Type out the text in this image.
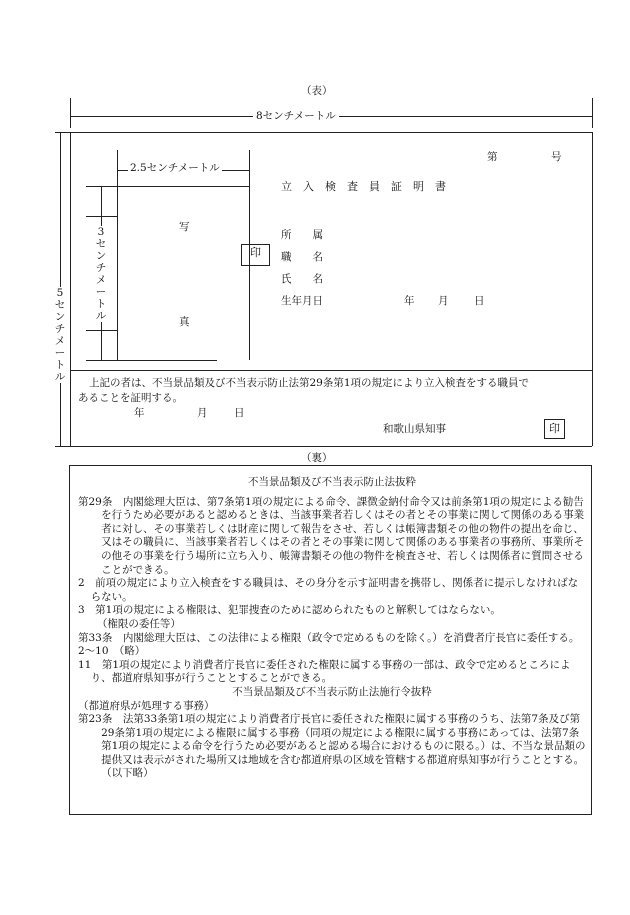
（表）
8センチメートル
5センチメートル
2.5センチメートル
3センチメートル
写
真
印
第	号
立　入　検　査　員　証　明　書
所　　属
職　　名
氏　　名
生年月日	年 月 日
上記の者は、不当景品類及び不当表示防止法第29条第1項の規定により立入検査をする職員で
あることを証明する。
年	月	日
和歌山県知事	印
（裏）

不当景品類及び不当表示防止法抜粋

第29条　内閣総理大臣は、第7条第1項の規定による命令、課徴金納付命令又は前条第1項の規定による勧告を行うため必要があると認めるときは、当該事業者若しくはその者とその事業に関して関係のある事業者に対し、その事業若しくは財産に関して報告をさせ、若しくは帳簿書類その他の物件の提出を命じ、又はその職員に、当該事業者若しくはその者とその事業に関して関係のある事業者の事務所、事業所その他その事業を行う場所に立ち入り、帳簿書類その他の物件を検査させ、若しくは関係者に質問させることができる。

2　前項の規定により立入検査をする職員は、その身分を示す証明書を携帯し、関係者に提示しなければならない。

3　第1項の規定による権限は、犯罪捜査のために認められたものと解釈してはならない。

（権限の委任等）

第33条　内閣総理大臣は、この法律による権限（政令で定めるものを除く。）を消費者庁長官に委任する。

2～10　（略）

11　第1項の規定により消費者庁長官に委任された権限に属する事務の一部は、政令で定めるところにより、都道府県知事が行うこととすることができる。

不当景品類及び不当表示防止法施行令抜粋

（都道府県が処理する事務）

第23条　法第33条第1項の規定により消費者庁長官に委任された権限に属する事務のうち、法第7条及び第29条第1項の規定による権限に属する事務（同項の規定による権限に属する事務にあっては、法第7条第1項の規定による命令を行うため必要があると認める場合におけるものに限る。）は、不当な景品類の提供又は表示がされた場所又は地域を含む都道府県の区域を管轄する都道府県知事が行うこととする。（以下略）
